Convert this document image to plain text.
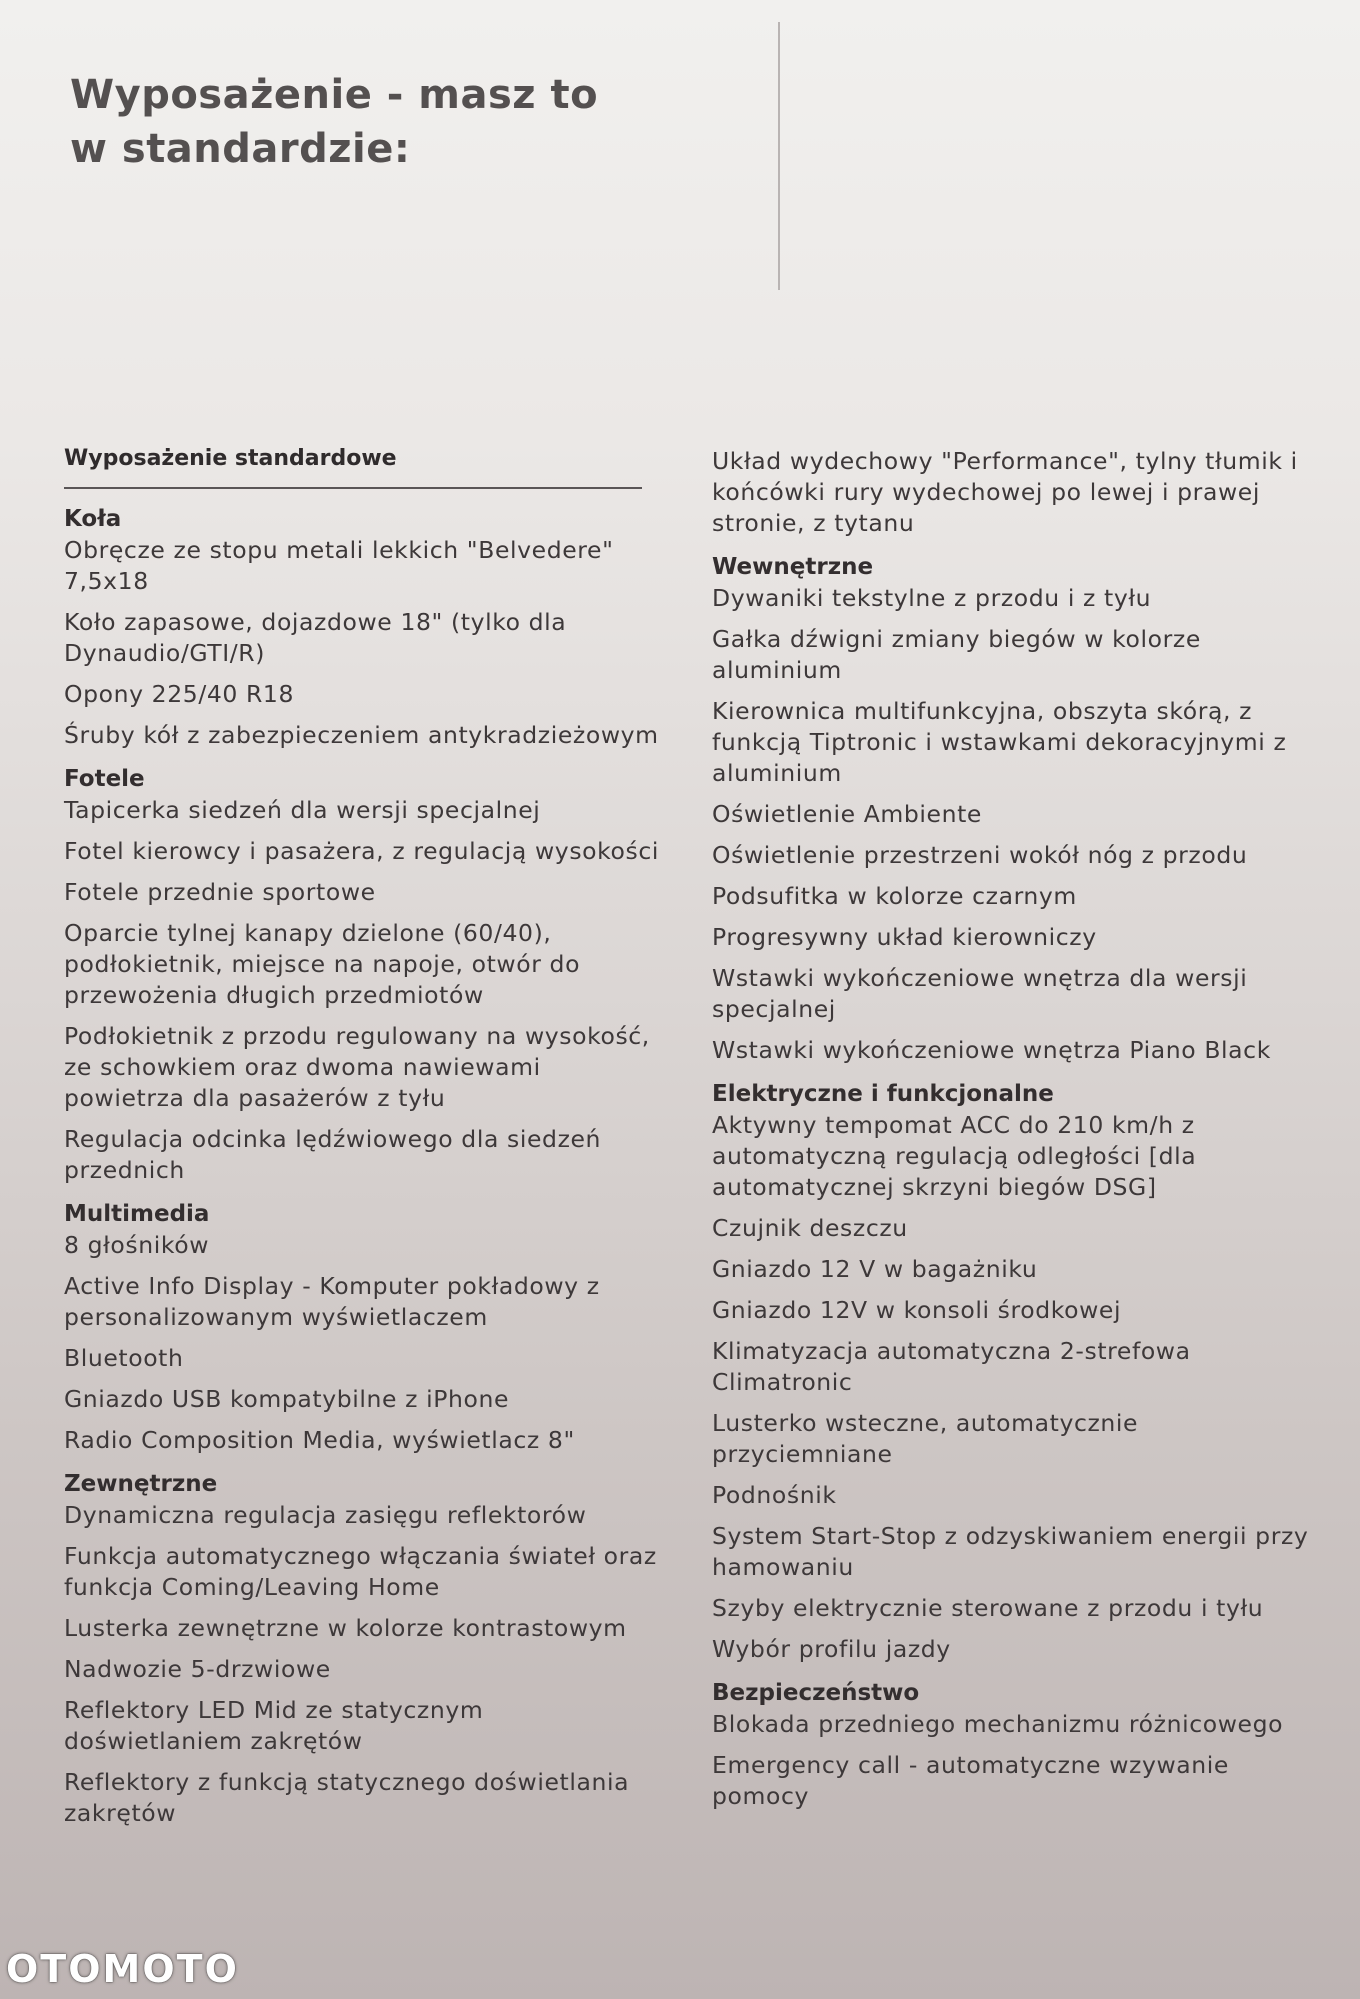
Wyposażenie - masz to
w standardzie:
Wyposażenie standardowe
Koła

Obręcze ze stopu metali lekkich "Belvedere" 7,5x18

Koło zapasowe, dojazdowe 18" (tylko dla Dynaudio/GTI/R)

Opony 225/40 R18

Śruby kół z zabezpieczeniem antykradzieżowym

Fotele

Tapicerka siedzeń dla wersji specjalnej

Fotel kierowcy i pasażera, z regulacją wysokości

Fotele przednie sportowe

Oparcie tylnej kanapy dzielone (60/40), podłokietnik, miejsce na napoje, otwór do przewożenia długich przedmiotów

Podłokietnik z przodu regulowany na wysokość, ze schowkiem oraz dwoma nawiewami powietrza dla pasażerów z tyłu

Regulacja odcinka lędźwiowego dla siedzeń przednich

Multimedia

8 głośników

Active Info Display - Komputer pokładowy z personalizowanym wyświetlaczem

Bluetooth

Gniazdo USB kompatybilne z iPhone

Radio Composition Media, wyświetlacz 8"

Zewnętrzne

Dynamiczna regulacja zasięgu reflektorów

Funkcja automatycznego włączania świateł oraz funkcja Coming/Leaving Home

Lusterka zewnętrzne w kolorze kontrastowym

Nadwozie 5-drzwiowe

Reflektory LED Mid ze statycznym doświetlaniem zakrętów

Reflektory z funkcją statycznego doświetlania zakrętów

Układ wydechowy "Performance", tylny tłumik i końcówki rury wydechowej po lewej i prawej stronie, z tytanu

Wewnętrzne

Dywaniki tekstylne z przodu i z tyłu

Gałka dźwigni zmiany biegów w kolorze aluminium

Kierownica multifunkcyjna, obszyta skórą, z funkcją Tiptronic i wstawkami dekoracyjnymi z aluminium

Oświetlenie Ambiente

Oświetlenie przestrzeni wokół nóg z przodu

Podsufitka w kolorze czarnym

Progresywny układ kierowniczy

Wstawki wykończeniowe wnętrza dla wersji specjalnej

Wstawki wykończeniowe wnętrza Piano Black

Elektryczne i funkcjonalne

Aktywny tempomat ACC do 210 km/h z automatyczną regulacją odległości [dla automatycznej skrzyni biegów DSG]

Czujnik deszczu

Gniazdo 12 V w bagażniku

Gniazdo 12V w konsoli środkowej

Klimatyzacja automatyczna 2-strefowa Climatronic

Lusterko wsteczne, automatycznie przyciemniane

Podnośnik

System Start-Stop z odzyskiwaniem energii przy hamowaniu

Szyby elektrycznie sterowane z przodu i tyłu

Wybór profilu jazdy

Bezpieczeństwo

Blokada przedniego mechanizmu różnicowego

Emergency call - automatyczne wzywanie pomocy

OTOMOTO
